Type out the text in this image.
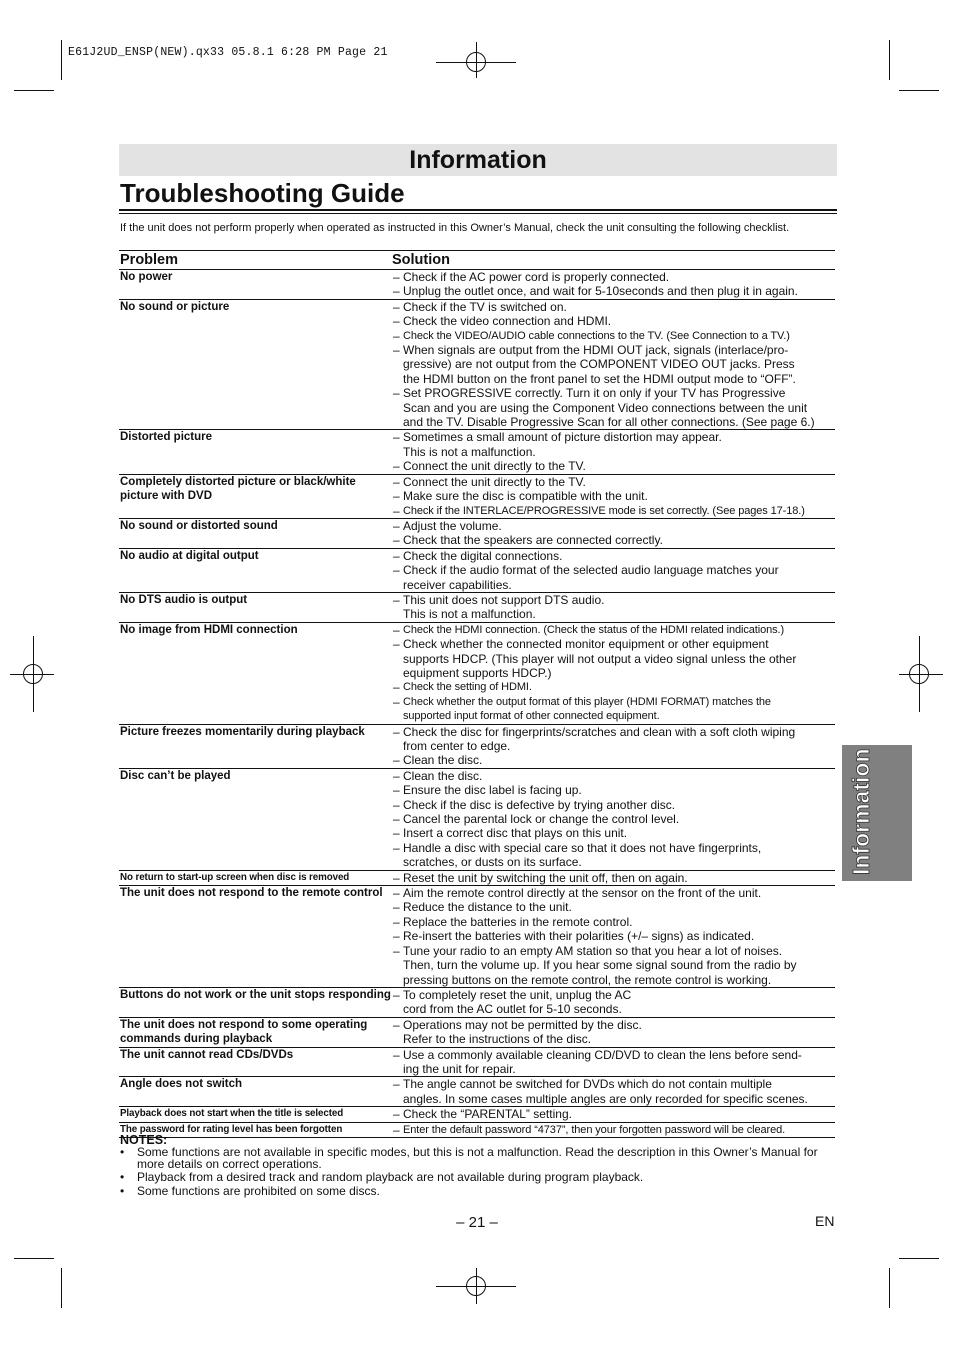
E61J2UD_ENSP(NEW).qx33 05.8.1 6:28 PM Page 21
Information
Troubleshooting Guide
If the unit does not perform properly when operated as instructed in this Owner’s Manual, check the unit consulting the following checklist.
Problem	Solution
No power	– Check if the AC power cord is properly connected.
– Unplug the outlet once, and wait for 5-10seconds and then plug it in again.
No sound or picture	– Check if the TV is switched on.
– Check the video connection and HDMI.
– Check the VIDEO/AUDIO cable connections to the TV. (See Connection to a TV.)
– When signals are output from the HDMI OUT jack, signals (interlace/pro-
gressive) are not output from the COMPONENT VIDEO OUT jacks. Press
the HDMI button on the front panel to set the HDMI output mode to “OFF”.
– Set PROGRESSIVE correctly. Turn it on only if your TV has Progressive
Scan and you are using the Component Video connections between the unit
and the TV. Disable Progressive Scan for all other connections. (See page 6.)
Distorted picture	– Sometimes a small amount of picture distortion may appear.
This is not a malfunction.
– Connect the unit directly to the TV.
Completely distorted picture or black/white picture with DVD
– Connect the unit directly to the TV.
– Make sure the disc is compatible with the unit.
– Check if the INTERLACE/PROGRESSIVE mode is set correctly. (See pages 17-18.)
No sound or distorted sound	– Adjust the volume.
– Check that the speakers are connected correctly.
No audio at digital output	– Check the digital connections.
– Check if the audio format of the selected audio language matches your
receiver capabilities.
No DTS audio is output	– This unit does not support DTS audio.
This is not a malfunction.
No image from HDMI connection	– Check the HDMI connection. (Check the status of the HDMI related indications.)
– Check whether the connected monitor equipment or other equipment
supports HDCP. (This player will not output a video signal unless the other
equipment supports HDCP.)
– Check the setting of HDMI.
– Check whether the output format of this player (HDMI FORMAT) matches the
supported input format of other connected equipment.
Picture freezes momentarily during playback	– Check the disc for fingerprints/scratches and clean with a soft cloth wiping
from center to edge.
– Clean the disc.
Disc can’t be played	– Clean the disc.
– Ensure the disc label is facing up.
– Check if the disc is defective by trying another disc.
– Cancel the parental lock or change the control level.
– Insert a correct disc that plays on this unit.
– Handle a disc with special care so that it does not have fingerprints,
scratches, or dusts on its surface.
No return to start-up screen when disc is removed	– Reset the unit by switching the unit off, then on again.
The unit does not respond to the remote control – Aim the remote control directly at the sensor on the front of the unit.
– Reduce the distance to the unit.
– Replace the batteries in the remote control.
– Re-insert the batteries with their polarities (+/– signs) as indicated.
– Tune your radio to an empty AM station so that you hear a lot of noises.
Then, turn the volume up. If you hear some signal sound from the radio by
pressing buttons on the remote control, the remote control is working.
Buttons do not work or the unit stops responding – To completely reset the unit, unplug the AC
cord from the AC outlet for 5-10 seconds.
The unit does not respond to some operating commands during playback
– Operations may not be permitted by the disc.
Refer to the instructions of the disc.
The unit cannot read CDs/DVDs	– Use a commonly available cleaning CD/DVD to clean the lens before send-
ing the unit for repair.
Angle does not switch	– The angle cannot be switched for DVDs which do not contain multiple
angles. In some cases multiple angles are only recorded for specific scenes.
Playback does not start when the title is selected	– Check the “PARENTAL” setting.
The password for rating level has been forgotten	– Enter the default password “4737”, then your forgotten password will be cleared.
NOTES:
•	Some functions are not available in specific modes, but this is not a malfunction. Read the description in this Owner’s Manual for more details on correct operations.
•	Playback from a desired track and random playback are not available during program playback.
•	Some functions are prohibited on some discs.
– 21 –	EN
Information
